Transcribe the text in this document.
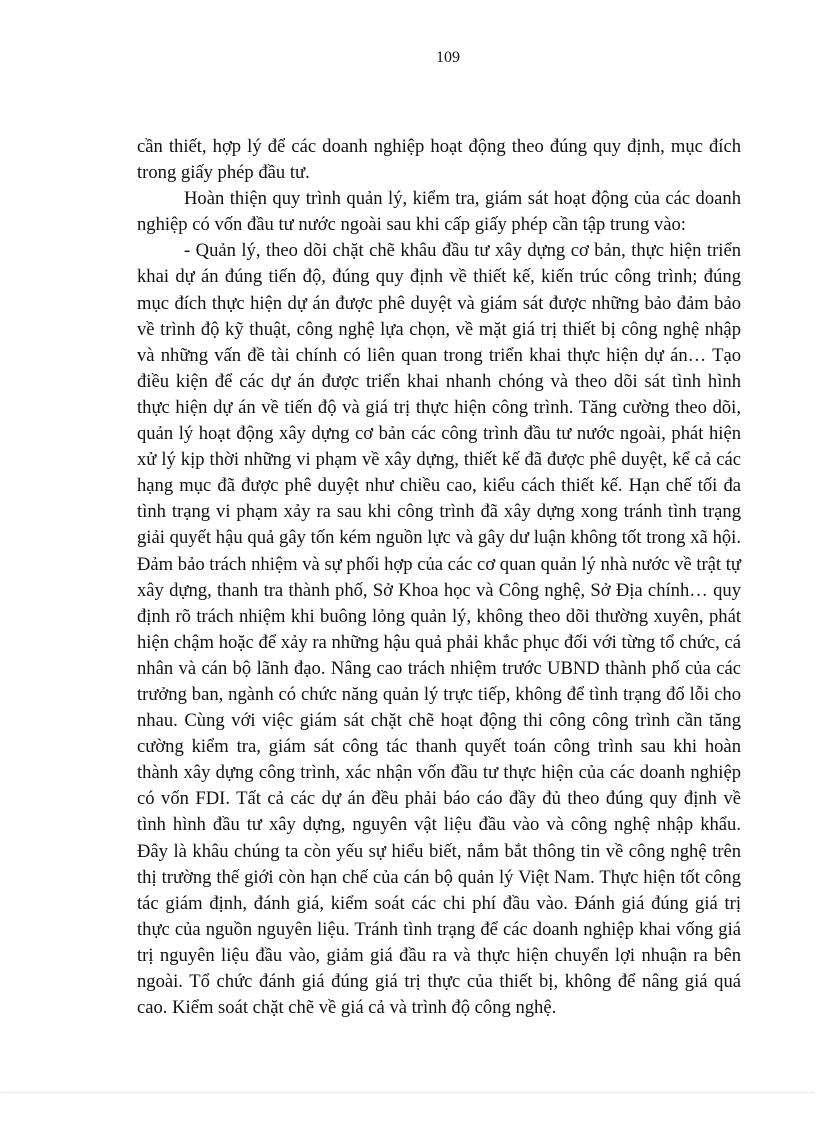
109

cần thiết, hợp lý để các doanh nghiệp hoạt động theo đúng quy định, mục đích trong giấy phép đầu tư.

Hoàn thiện quy trình quản lý, kiểm tra, giám sát hoạt động của các doanh nghiệp có vốn đầu tư nước ngoài sau khi cấp giấy phép cần tập trung vào:

- Quản lý, theo dõi chặt chẽ khâu đầu tư xây dựng cơ bản, thực hiện triển khai dự án đúng tiến độ, đúng quy định về thiết kế, kiến trúc công trình; đúng mục đích thực hiện dự án được phê duyệt và giám sát được những bảo đảm bảo về trình độ kỹ thuật, công nghệ lựa chọn, về mặt giá trị thiết bị công nghệ nhập và những vấn đề tài chính có liên quan trong triển khai thực hiện dự án… Tạo điều kiện để các dự án được triển khai nhanh chóng và theo dõi sát tình hình thực hiện dự án về tiến độ và giá trị thực hiện công trình. Tăng cường theo dõi, quản lý hoạt động xây dựng cơ bản các công trình đầu tư nước ngoài, phát hiện xử lý kịp thời những vi phạm về xây dựng, thiết kế đã được phê duyệt, kể cả các hạng mục đã được phê duyệt như chiều cao, kiểu cách thiết kế. Hạn chế tối đa tình trạng vi phạm xảy ra sau khi công trình đã xây dựng xong tránh tình trạng giải quyết hậu quả gây tốn kém nguồn lực và gây dư luận không tốt trong xã hội. Đảm bảo trách nhiệm và sự phối hợp của các cơ quan quản lý nhà nước về trật tự xây dựng, thanh tra thành phố, Sở Khoa học và Công nghệ, Sở Địa chính… quy định rõ trách nhiệm khi buông lỏng quản lý, không theo dõi thường xuyên, phát hiện chậm hoặc để xảy ra những hậu quả phải khắc phục đối với từng tổ chức, cá nhân và cán bộ lãnh đạo. Nâng cao trách nhiệm trước UBND thành phố của các trưởng ban, ngành có chức năng quản lý trực tiếp, không để tình trạng đổ lỗi cho nhau. Cùng với việc giám sát chặt chẽ hoạt động thi công công trình cần tăng cường kiểm tra, giám sát công tác thanh quyết toán công trình sau khi hoàn thành xây dựng công trình, xác nhận vốn đầu tư thực hiện của các doanh nghiệp có vốn FDI. Tất cả các dự án đều phải báo cáo đầy đủ theo đúng quy định về tình hình đầu tư xây dựng, nguyên vật liệu đầu vào và công nghệ nhập khẩu. Đây là khâu chúng ta còn yếu sự hiểu biết, nắm bắt thông tin về công nghệ trên thị trường thế giới còn hạn chế của cán bộ quản lý Việt Nam. Thực hiện tốt công tác giám định, đánh giá, kiểm soát các chi phí đầu vào. Đánh giá đúng giá trị thực của nguồn nguyên liệu. Tránh tình trạng để các doanh nghiệp khai vống giá trị nguyên liệu đầu vào, giảm giá đầu ra và thực hiện chuyển lợi nhuận ra bên ngoài. Tổ chức đánh giá đúng giá trị thực của thiết bị, không để nâng giá quá cao. Kiểm soát chặt chẽ về giá cả và trình độ công nghệ.
